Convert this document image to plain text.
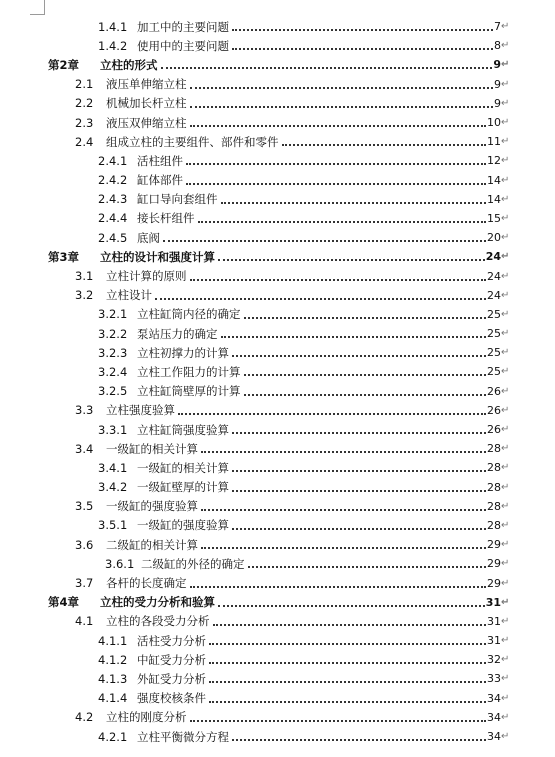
1.4.1 加工中的主要问题	7 ↵
1.4.2 使用中的主要问题	8 ↵
第2章	立柱的形式	9 ↵
2.1	液压单伸缩立柱	9 ↵
2.2	机械加长杆立柱	9 ↵
2.3	液压双伸缩立柱	10 ↵
2.4	组成立柱的主要组件、部件和零件	11 ↵
2.4.1 活柱组件	12 ↵
2.4.2 缸体部件	14 ↵
2.4.3 缸口导向套组件	14 ↵
2.4.4 接长杆组件	15 ↵
2.4.5 底阀	20 ↵
第3章	立柱的设计和强度计算	24 ↵
3.1	立柱计算的原则	24 ↵
3.2	立柱设计	24 ↵
3.2.1 立柱缸筒内径的确定	25 ↵
3.2.2 泵站压力的确定	25 ↵
3.2.3 立柱初撑力的计算	25 ↵
3.2.4 立柱工作阻力的计算	25 ↵
3.2.5 立柱缸筒壁厚的计算	26 ↵
3.3	立柱强度验算	26 ↵
3.3.1 立柱缸筒强度验算	26 ↵
3.4	一级缸的相关计算	28 ↵
3.4.1 一级缸的相关计算	28 ↵
3.4.2 一级缸壁厚的计算	28 ↵
3.5	一级缸的强度验算	28 ↵
3.5.1 一级缸的强度验算	28 ↵
3.6	二级缸的相关计算	29 ↵
3.6.1 二级缸的外径的确定	29 ↵
3.7	各杆的长度确定	29 ↵
第4章	立柱的受力分析和验算	31 ↵
4.1	立柱的各段受力分析	31 ↵
4.1.1 活柱受力分析	31 ↵
4.1.2 中缸受力分析	32 ↵
4.1.3 外缸受力分析	33 ↵
4.1.4 强度校核条件	34 ↵
4.2	立柱的刚度分析	34 ↵
4.2.1 立柱平衡微分方程	34 ↵
